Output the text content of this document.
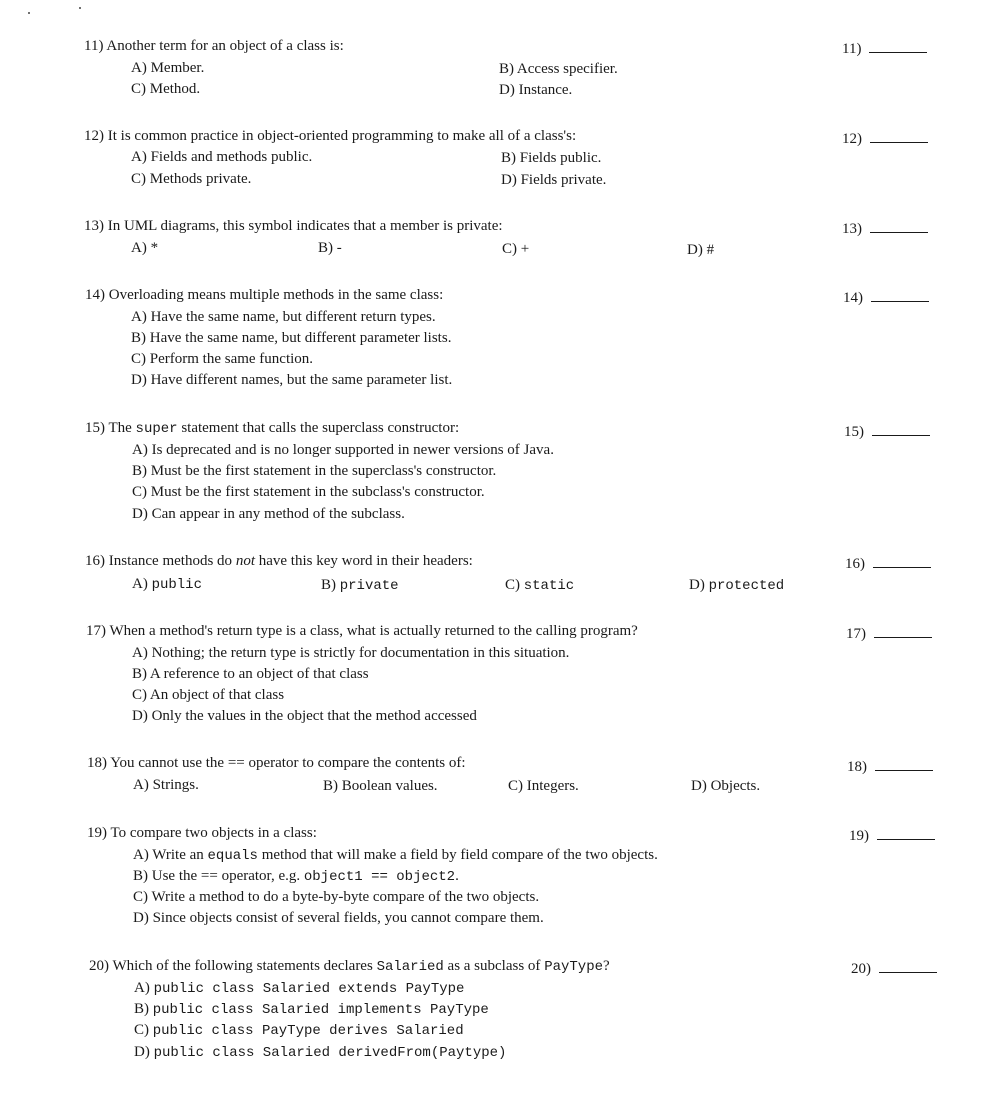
11) Another term for an object of a class is:	11)
A) Member.	B) Access specifier.
C) Method.	D) Instance.
12) It is common practice in object-oriented programming to make all of a class's:	12)
A) Fields and methods public.	B) Fields public.
C) Methods private.	D) Fields private.
13) In UML diagrams, this symbol indicates that a member is private:	13)
A) *	B) -	C) +	D) #
14) Overloading means multiple methods in the same class:	14)
A) Have the same name, but different return types.
B) Have the same name, but different parameter lists.
C) Perform the same function.
D) Have different names, but the same parameter list.
15) The super statement that calls the superclass constructor:	15)
A) Is deprecated and is no longer supported in newer versions of Java.
B) Must be the first statement in the superclass's constructor.
C) Must be the first statement in the subclass's constructor.
D) Can appear in any method of the subclass.
16) Instance methods do not have this key word in their headers:	16)
A) public	B) private	C) static	D) protected
17) When a method's return type is a class, what is actually returned to the calling program?	17)
A) Nothing; the return type is strictly for documentation in this situation.
B) A reference to an object of that class
C) An object of that class
D) Only the values in the object that the method accessed
18) You cannot use the == operator to compare the contents of:	18)
A) Strings.	B) Boolean values.	C) Integers.	D) Objects.
19) To compare two objects in a class:	19)
A) Write an equals method that will make a field by field compare of the two objects.
B) Use the == operator, e.g. object1 == object2.
C) Write a method to do a byte-by-byte compare of the two objects.
D) Since objects consist of several fields, you cannot compare them.
20) Which of the following statements declares Salaried as a subclass of PayType?	20)
A) public class Salaried extends PayType
B) public class Salaried implements PayType
C) public class PayType derives Salaried
D) public class Salaried derivedFrom(Paytype)
